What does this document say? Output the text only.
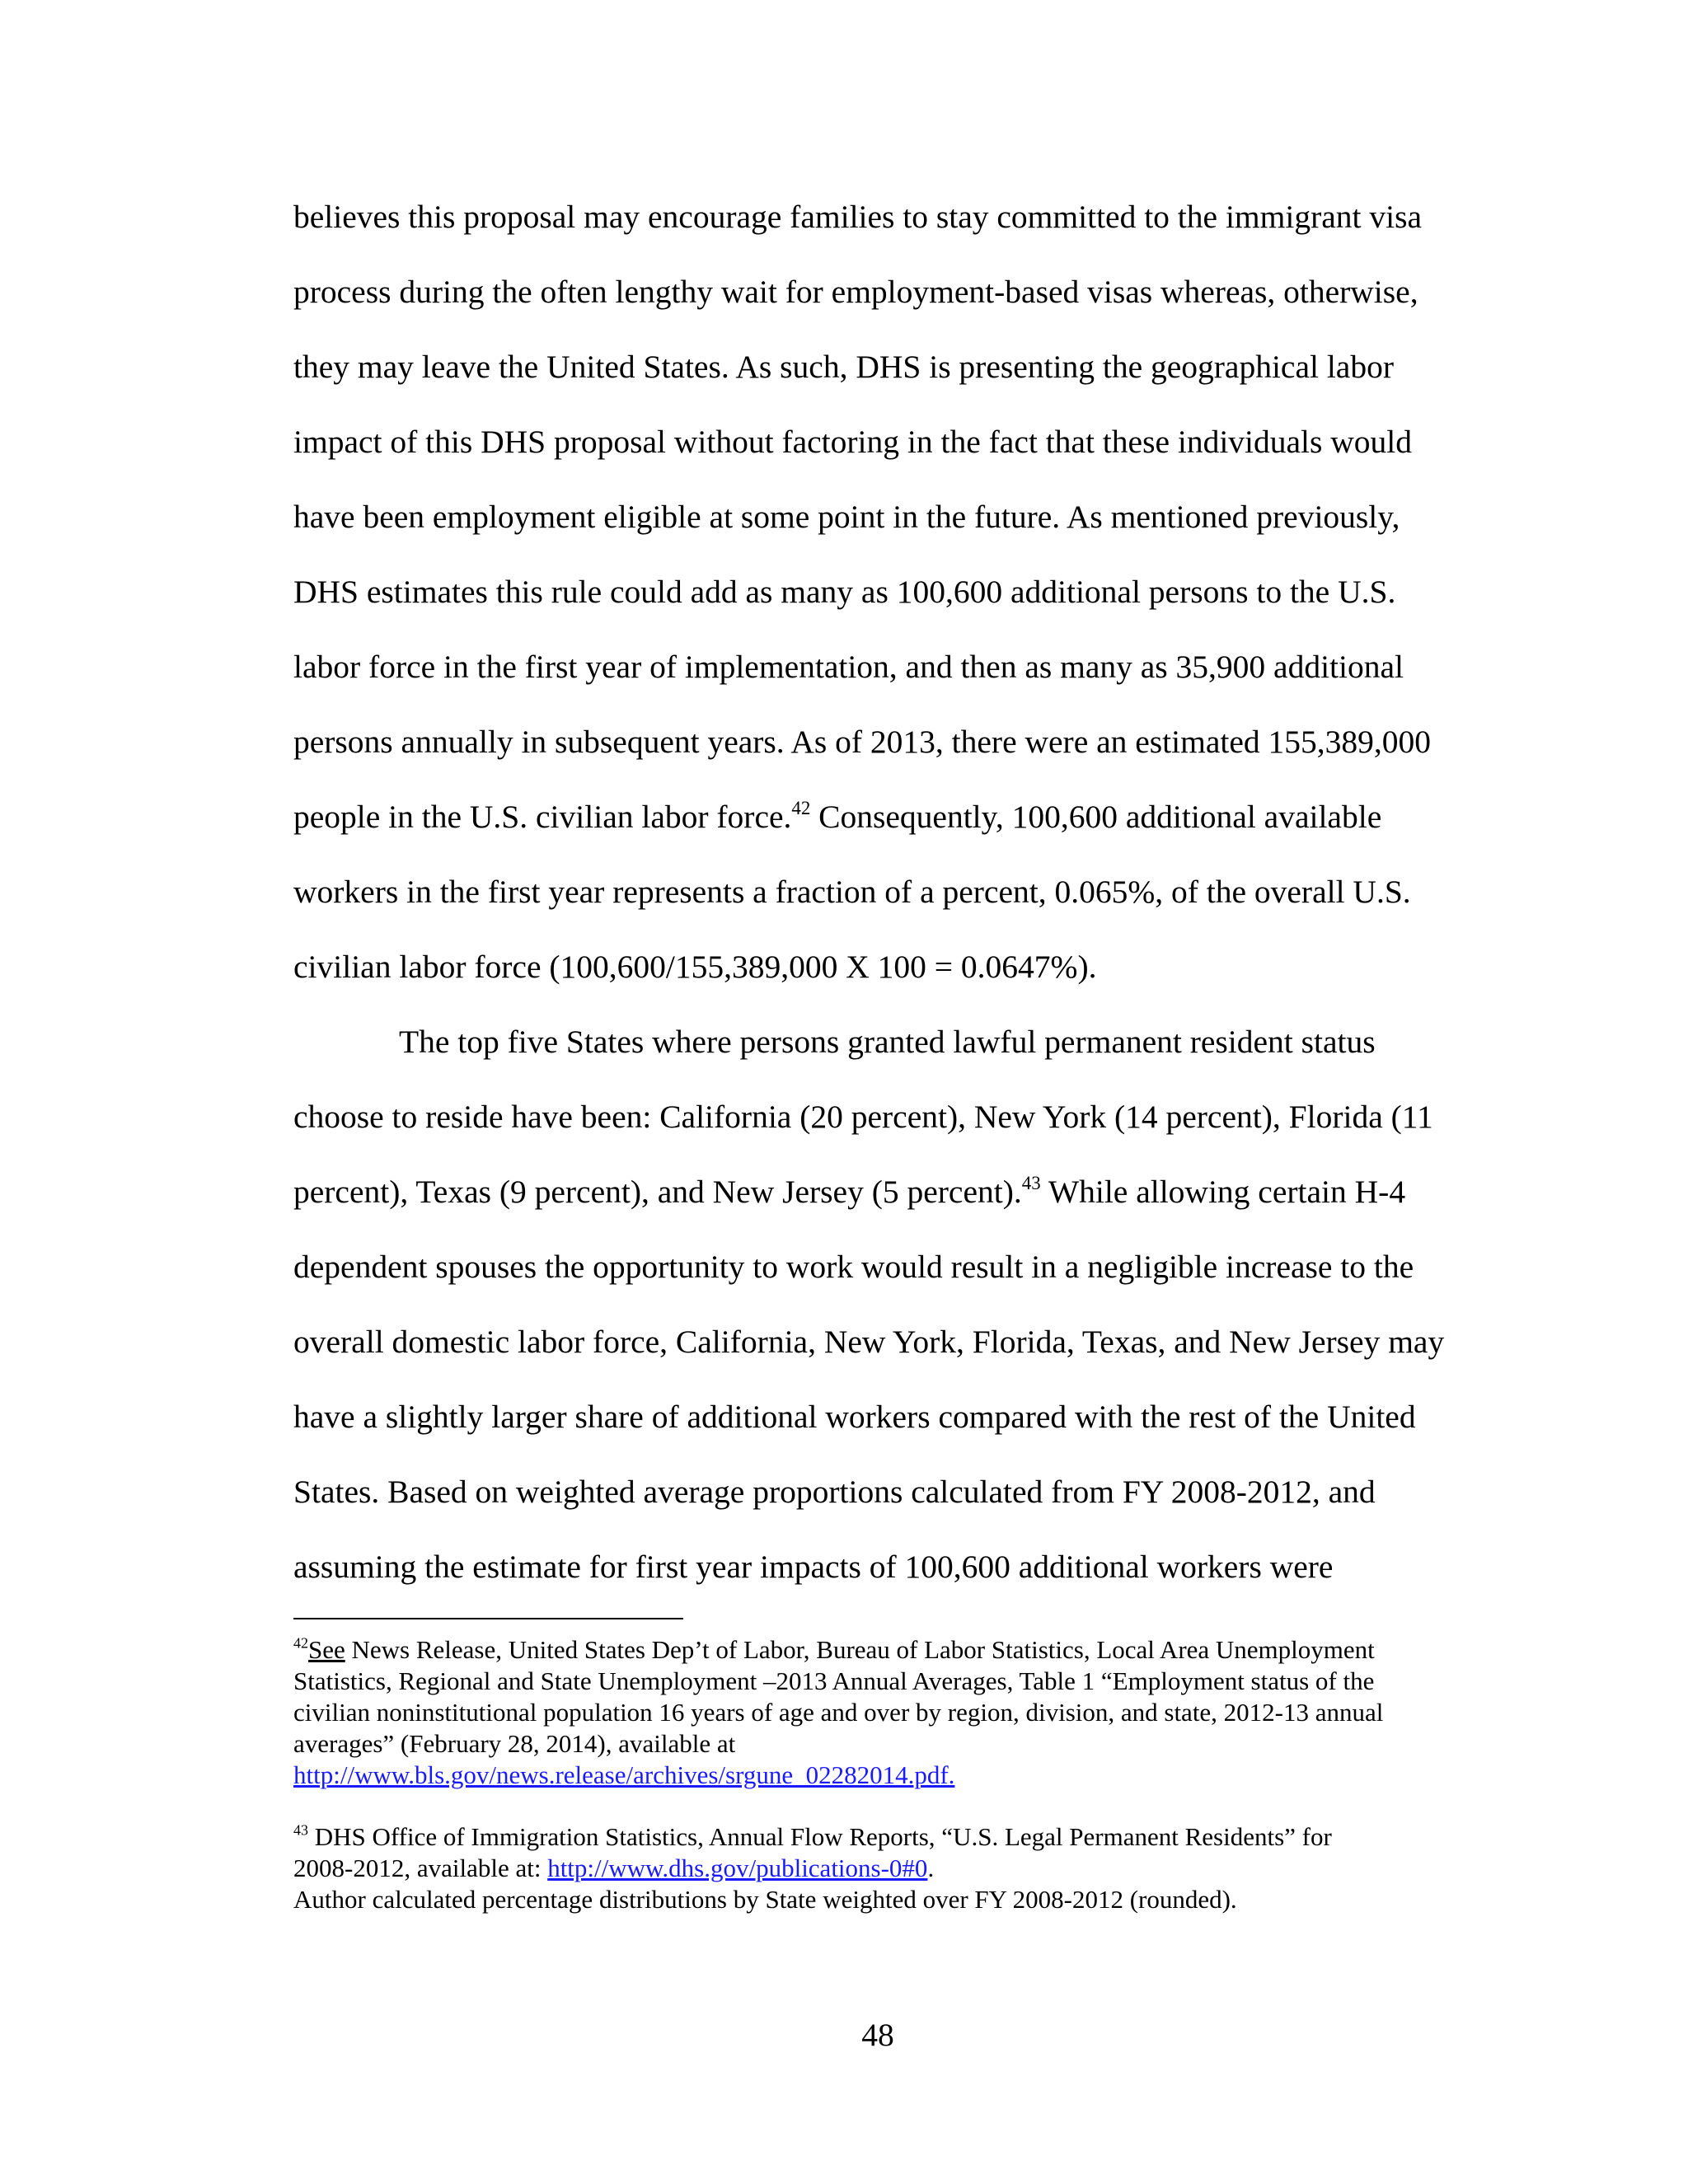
believes this proposal may encourage families to stay committed to the immigrant visa
process during the often lengthy wait for employment-based visas whereas, otherwise,
they may leave the United States. As such, DHS is presenting the geographical labor
impact of this DHS proposal without factoring in the fact that these individuals would
have been employment eligible at some point in the future. As mentioned previously,
DHS estimates this rule could add as many as 100,600 additional persons to the U.S.
labor force in the first year of implementation, and then as many as 35,900 additional
persons annually in subsequent years. As of 2013, there were an estimated 155,389,000
people in the U.S. civilian labor force.$^{42}$ Consequently, 100,600 additional available
workers in the first year represents a fraction of a percent, 0.065%, of the overall U.S.
civilian labor force (100,600/155,389,000 X 100 = 0.0647%).
The top five States where persons granted lawful permanent resident status
choose to reside have been: California (20 percent), New York (14 percent), Florida (11
percent), Texas (9 percent), and New Jersey (5 percent).$^{43}$ While allowing certain H-4
dependent spouses the opportunity to work would result in a negligible increase to the
overall domestic labor force, California, New York, Florida, Texas, and New Jersey may
have a slightly larger share of additional workers compared with the rest of the United
States. Based on weighted average proportions calculated from FY 2008-2012, and
assuming the estimate for first year impacts of 100,600 additional workers were
$^{42}$See News Release, United States Dep’t of Labor, Bureau of Labor Statistics, Local Area Unemployment
Statistics, Regional and State Unemployment –2013 Annual Averages, Table 1 “Employment status of the
civilian noninstitutional population 16 years of age and over by region, division, and state, 2012-13 annual
averages” (February 28, 2014), available at
http://www.bls.gov/news.release/archives/srgune_02282014.pdf.
$^{43}$ DHS Office of Immigration Statistics, Annual Flow Reports, “U.S. Legal Permanent Residents” for
2008-2012, available at: http://www.dhs.gov/publications-0#0.
Author calculated percentage distributions by State weighted over FY 2008-2012 (rounded).
48
